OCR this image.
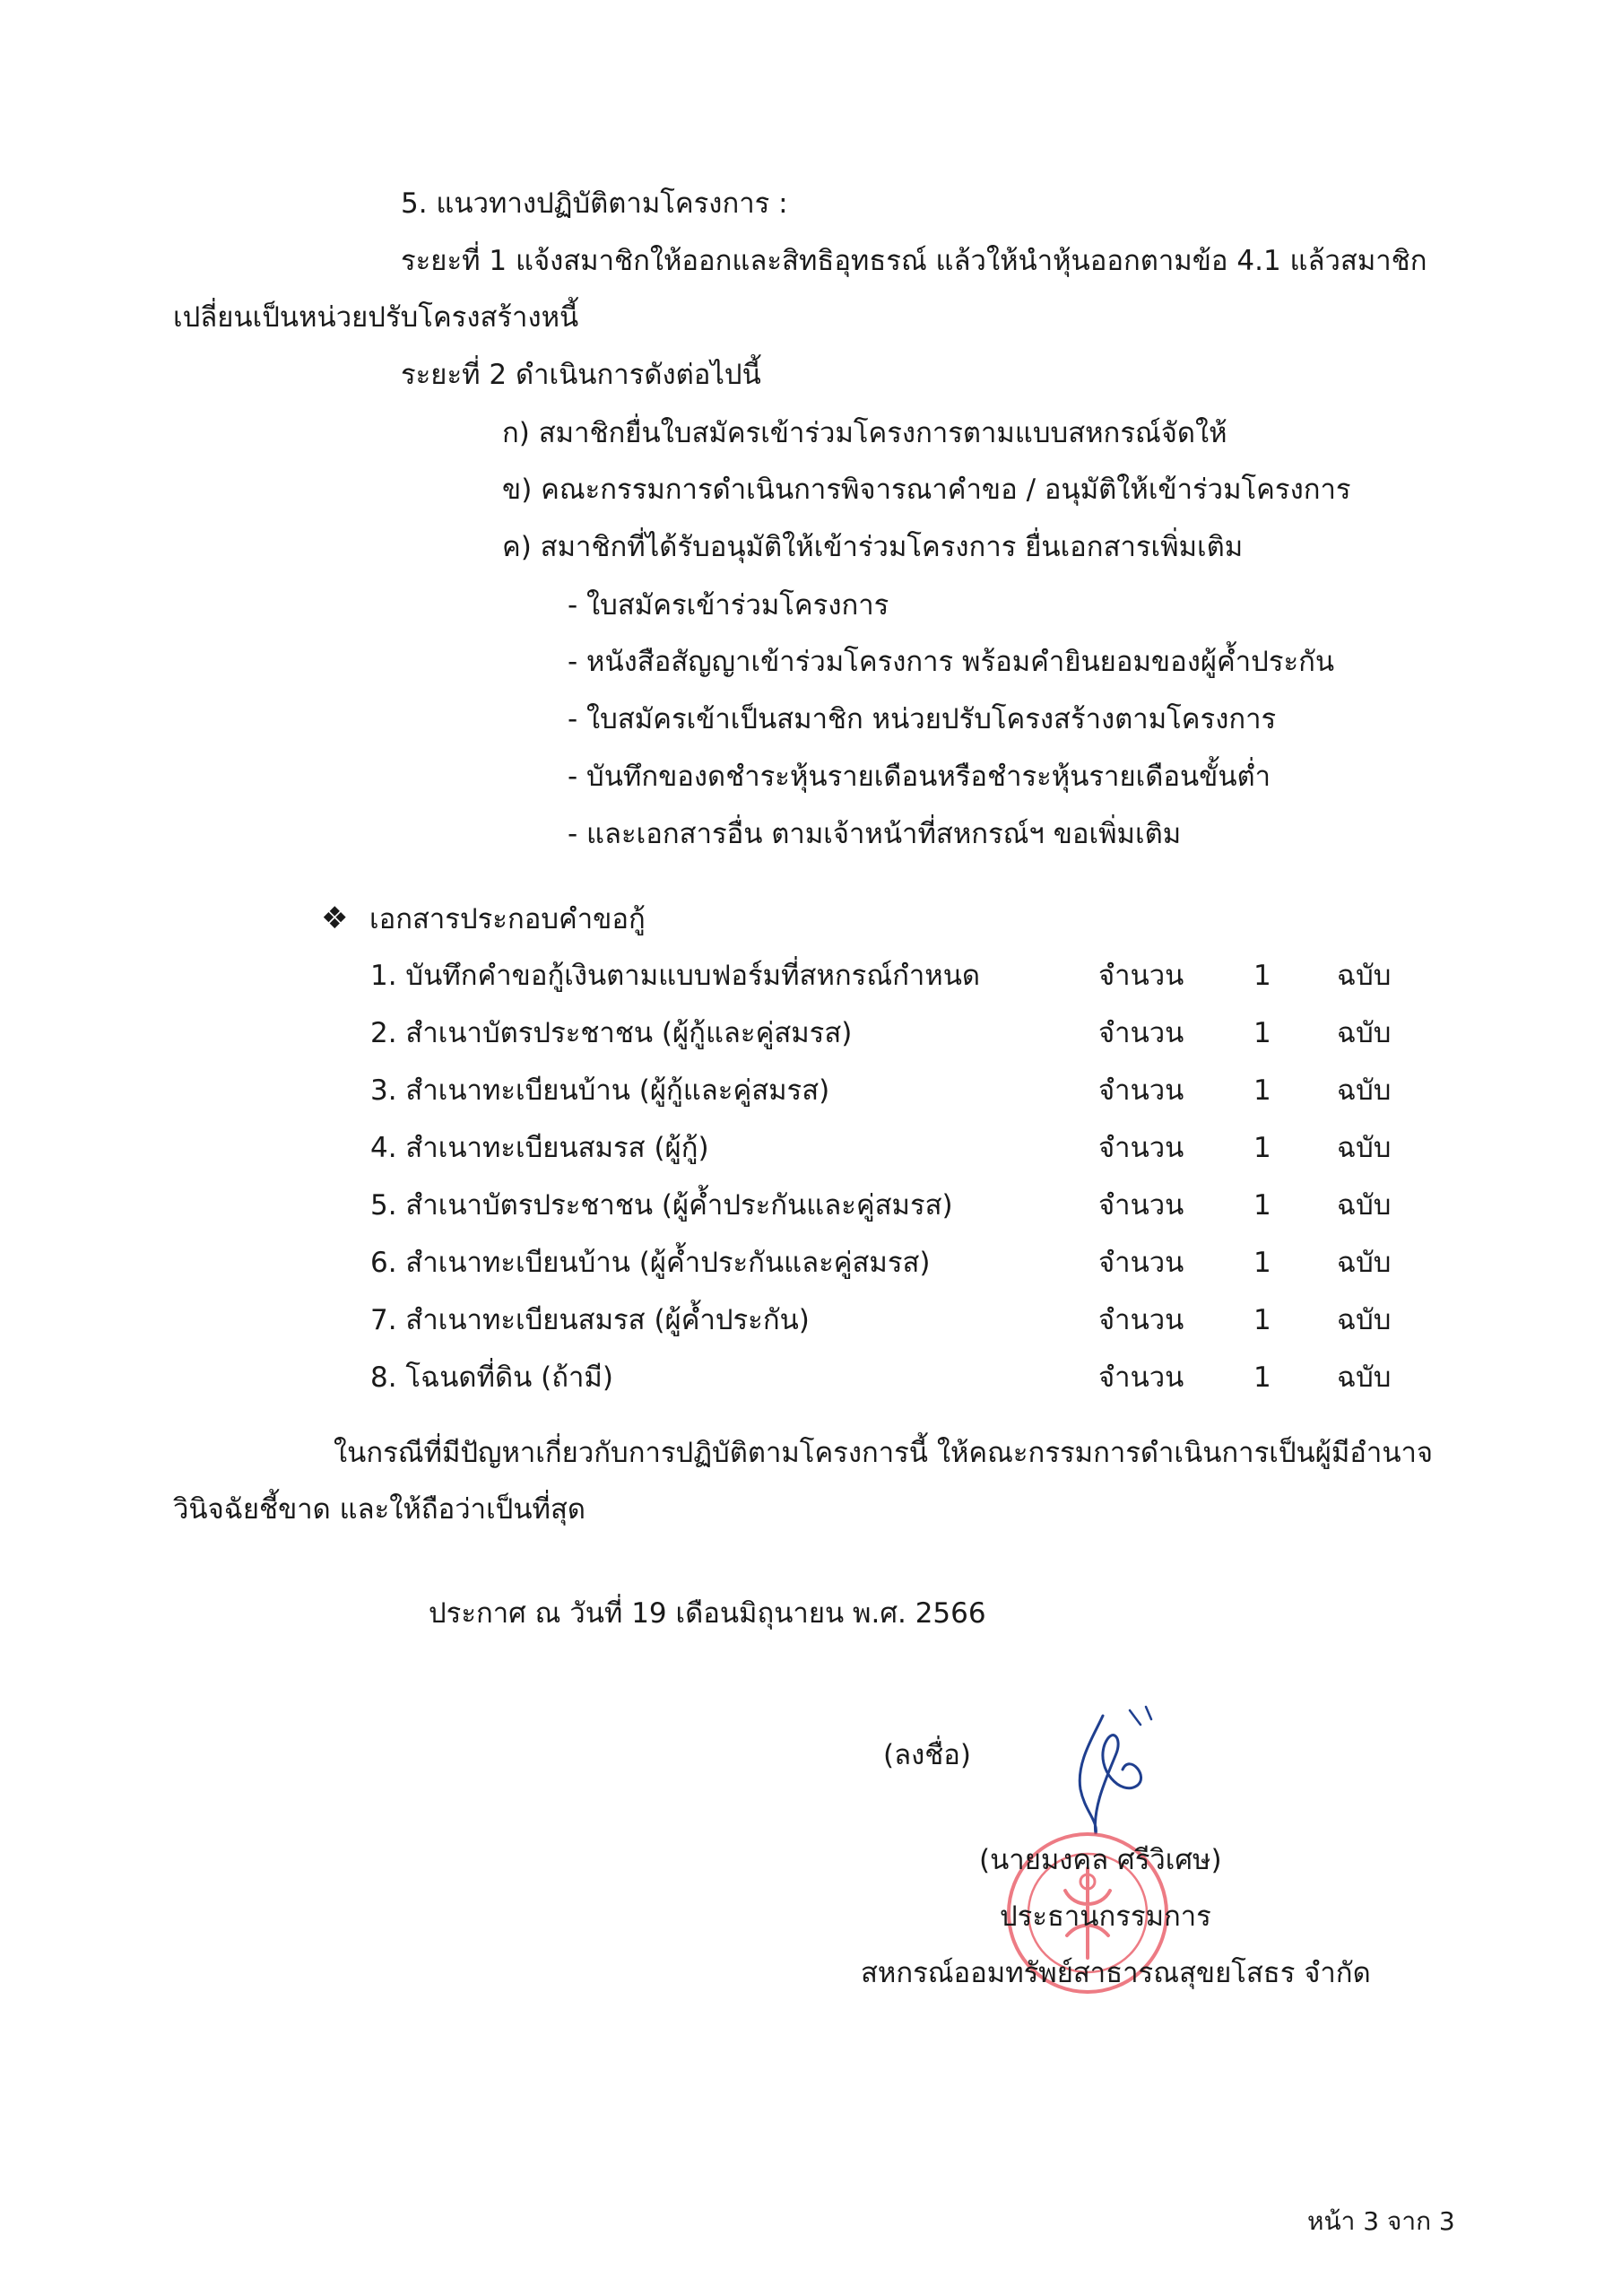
5. แนวทางปฏิบัติตามโครงการ :
ระยะที่ 1 แจ้งสมาชิกให้ออกและสิทธิอุทธรณ์ แล้วให้นำหุ้นออกตามข้อ 4.1 แล้วสมาชิก
เปลี่ยนเป็นหน่วยปรับโครงสร้างหนี้
ระยะที่ 2 ดำเนินการดังต่อไปนี้
ก) สมาชิกยื่นใบสมัครเข้าร่วมโครงการตามแบบสหกรณ์จัดให้
ข) คณะกรรมการดำเนินการพิจารณาคำขอ / อนุมัติให้เข้าร่วมโครงการ
ค) สมาชิกที่ได้รับอนุมัติให้เข้าร่วมโครงการ ยื่นเอกสารเพิ่มเติม
- ใบสมัครเข้าร่วมโครงการ
- หนังสือสัญญาเข้าร่วมโครงการ พร้อมคำยินยอมของผู้ค้ำประกัน
- ใบสมัครเข้าเป็นสมาชิก หน่วยปรับโครงสร้างตามโครงการ
- บันทึกของดชำระหุ้นรายเดือนหรือชำระหุ้นรายเดือนขั้นต่ำ
- และเอกสารอื่น ตามเจ้าหน้าที่สหกรณ์ฯ ขอเพิ่มเติม
❖ เอกสารประกอบคำขอกู้
1. บันทึกคำขอกู้เงินตามแบบฟอร์มที่สหกรณ์กำหนด	จำนวน	1 ฉบับ
2. สำเนาบัตรประชาชน (ผู้กู้และคู่สมรส)	จำนวน	1 ฉบับ
3. สำเนาทะเบียนบ้าน (ผู้กู้และคู่สมรส)	จำนวน	1 ฉบับ
4. สำเนาทะเบียนสมรส (ผู้กู้)	จำนวน	1 ฉบับ
5. สำเนาบัตรประชาชน (ผู้ค้ำประกันและคู่สมรส)	จำนวน	1 ฉบับ
6. สำเนาทะเบียนบ้าน (ผู้ค้ำประกันและคู่สมรส)	จำนวน	1 ฉบับ
7. สำเนาทะเบียนสมรส (ผู้ค้ำประกัน)	จำนวน	1 ฉบับ
8. โฉนดที่ดิน (ถ้ามี)	จำนวน	1 ฉบับ
ในกรณีที่มีปัญหาเกี่ยวกับการปฏิบัติตามโครงการนี้ ให้คณะกรรมการดำเนินการเป็นผู้มีอำนาจ
วินิจฉัยชี้ขาด และให้ถือว่าเป็นที่สุด
ประกาศ ณ วันที่ 19 เดือนมิถุนายน พ.ศ. 2566
(ลงชื่อ)
(นายมงคล ศรีวิเศษ)
ประธานกรรมการ
สหกรณ์ออมทรัพย์สาธารณสุขยโสธร จำกัด
หน้า 3 จาก 3
